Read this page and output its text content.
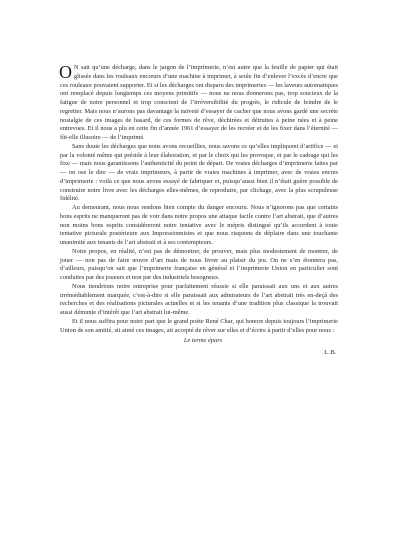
O N sait qu’une décharge, dans le jargon de l’imprimerie, n’est autre que la feuille de papier qui était glissée dans les rouleaux encreurs d’une machine à imprimer, à seule fin d’enlever l’excès d’encre que ces rouleaux pouvaient supporter. Et si les décharges ont disparu des imprimeries — les laveurs automatiques ont remplacé depuis longtemps ces moyens primitifs — nous ne nous donnerons pas, trop soucieux de la fatigue de notre personnel et trop conscient de l’irréversibilité du progrès, le ridicule de feindre de le regretter. Mais nous n’aurons pas davantage la naïveté d’essayer de cacher que nous avons gardé une secrète nostalgie de ces images de hasard, de ces formes de rêve, déchirées et détruites à peine nées et à peine entrevues. Et il nous a plu en cette fin d’année 1961 d’essayer de les recréer et de les fixer dans l’éternité — fût-elle illusoire — de l’imprimé.

Sans doute les décharges que nous avons recueillies, nous savons ce qu’elles impliquent d’artifice — et par la volonté même qui préside à leur élaboration, et par le choix qui les provoque, et par le cadrage qui les fixe — mais nous garantissons l’authenticité du point de départ. De vraies décharges d’imprimerie faites par — on ose le dire — de vrais imprimeurs, à partir de vraies machines à imprimer, avec de vraies encres d’imprimerie : voilà ce que nous avons essayé de fabriquer et, puisqu’aussi bien il n’était guère possible de construire notre livre avec les décharges elles-mêmes, de reproduire, par clichage, avec la plus scrupuleuse fidélité.

Au demeurant, nous nous rendons bien compte du danger encouru. Nous n’ignorons pas que certains bons esprits ne manqueront pas de voir dans notre propos une attaque facile contre l’art abstrait, que d’autres non moins bons esprits considéreront notre tentative avec le mépris distingué qu’ils accordent à toute tentative picturale postérieure aux Impressionnistes et que nous risquons de déplaire dans une touchante unanimité aux tenants de l’art abstrait et à ses contempteurs.

Notre propos, en réalité, n’est pas de démontrer, de prouver, mais plus modestement de montrer, de jouer — non pas de faire œuvre d’art mais de nous livrer au plaisir du jeu. On ne s’en étonnera pas, d’ailleurs, puisqu’on sait que l’imprimerie française en général et l’imprimerie Union en particulier sont conduites par des joueurs et non par des industriels besogneux.

Nous tiendrions notre entreprise pour parfaitement réussie si elle paraissait aux uns et aux autres irrémédiablement marquée, c’est-à-dire si elle paraissait aux admirateurs de l’art abstrait très en-deçà des recherches et des réalisations picturales actuelles et si les tenants d’une tradition plus classique la trouvait aussi démunie d’intérêt que l’art abstrait lui-même.

Et il nous suffira pour notre part que le grand poète René Char, qui honore depuis toujours l’imprimerie Union de son amitié, sit aimé ces images, ait accepté de rêver sur elles et d’écrire à partir d’elles pour nous :

Le terme épars

L.B.
